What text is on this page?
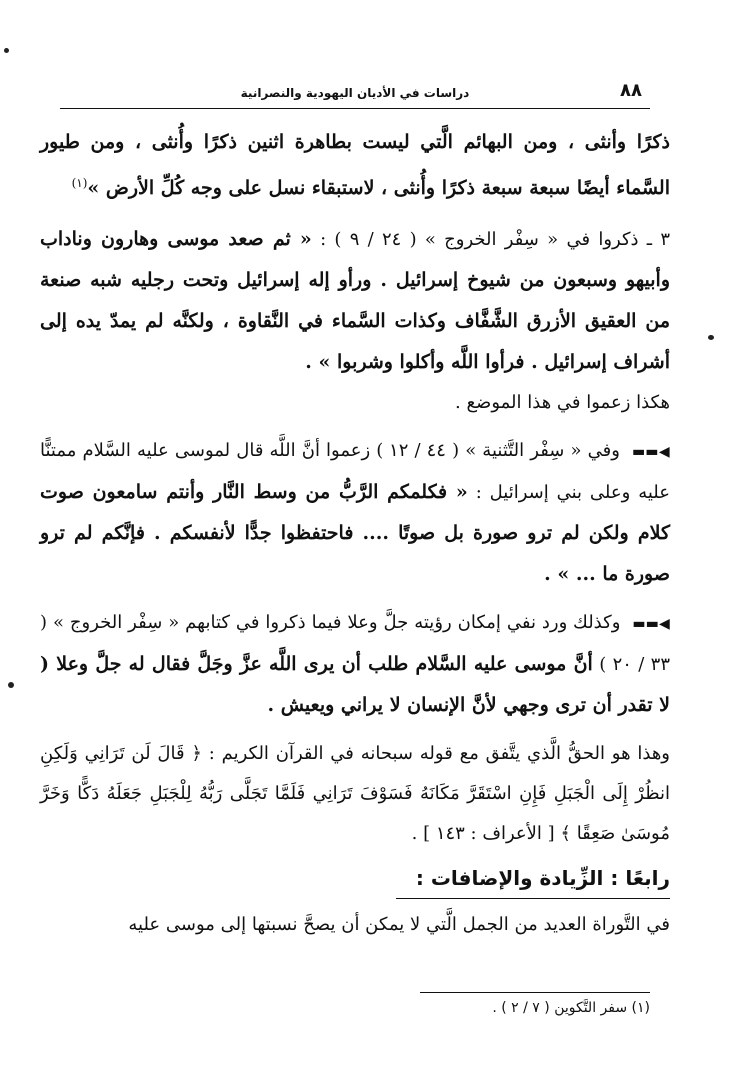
٨٨
دراسات في الأديان اليهودية والنصرانية

ذكرًا وأنثى ، ومن البهائم الَّتي ليست بطاهرة اثنين ذكرًا وأُنثى ، ومن طيور السَّماء أيضًا سبعة سبعة ذكرًا وأُنثى ، لاستبقاء نسل على وجه كُلِّ الأرض »$^{(١)}$

٣ ـ ذكروا في « سِفْر الخروج » ( ٢٤ / ٩ ) : « ثم صعد موسى وهارون وناداب وأبيهو وسبعون من شيوخ إسرائيل . ورأو إله إسرائيل وتحت رجليه شبه صنعة من العقيق الأزرق الشَّفَّاف وكذات السَّماء في النَّقاوة ، ولكنَّه لم يمدّ يده إلى أشراف إسرائيل . فرأوا اللَّه وأكلوا وشربوا » .

هكذا زعموا في هذا الموضع .

◀▬▬ وفي « سِفْر التَّثنية » ( ٤٤ / ١٢ ) زعموا أنَّ اللَّه قال لموسى عليه السَّلام ممتنًّا عليه وعلى بني إسرائيل : « فكلمكم الرَّبُّ من وسط النَّار وأنتم سامعون صوت كلام ولكن لم ترو صورة بل صوتًا .... فاحتفظوا جدًّا لأنفسكم . فإنَّكم لم ترو صورة ما ... » .

◀▬▬ وكذلك ورد نفي إمكان رؤيته جلَّ وعلا فيما ذكروا في كتابهم « سِفْر الخروج » ( ٣٣ / ٢٠ ) أنَّ موسى عليه السَّلام طلب أن يرى اللَّه عزَّ وجَلَّ فقال له جلَّ وعلا ( لا تقدر أن ترى وجهي لأنَّ الإنسان لا يراني ويعيش .

وهذا هو الحقُّ الَّذي يتَّفق مع قوله سبحانه في القرآن الكريم : ﴿ قَالَ لَن تَرَانِي وَلَكِنِ انظُرْ إِلَى الْجَبَلِ فَإِنِ اسْتَقَرَّ مَكَانَهُ فَسَوْفَ تَرَانِي فَلَمَّا تَجَلَّى رَبُّهُ لِلْجَبَلِ جَعَلَهُ دَكًّا وَخَرَّ مُوسَىٰ صَعِقًا ﴾ [ الأعراف : ١٤٣ ] .

رابعًا : الزِّيادة والإضافات :

في التَّوراة العديد من الجمل الَّتي لا يمكن أن يصحَّ نسبتها إلى موسى عليه

(١) سفر التَّكوين ( ٧ / ٢ ) .
